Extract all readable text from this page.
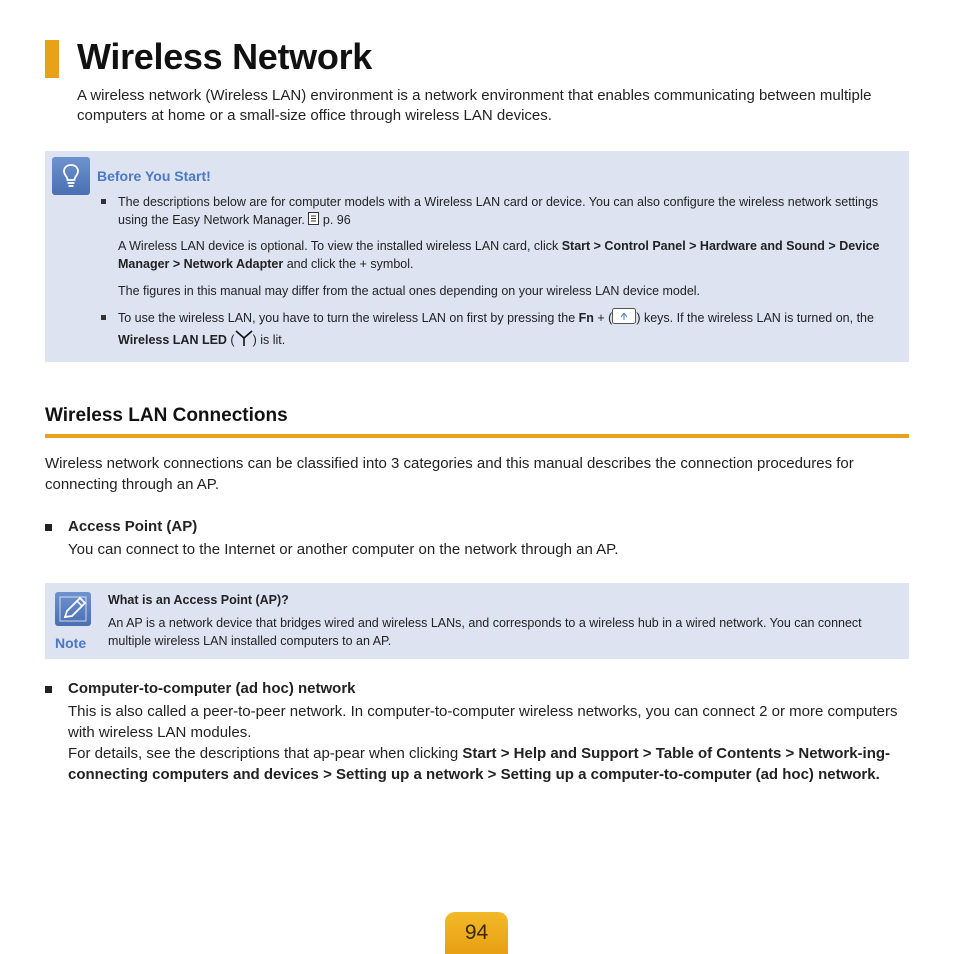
Wireless Network

A wireless network (Wireless LAN) environment is a network environment that enables communicating between multiple computers at home or a small-size office through wireless LAN devices.

Before You Start!

The descriptions below are for computer models with a Wireless LAN card or device. You can also configure the wireless network settings using the Easy Network Manager. p. 96

A Wireless LAN device is optional. To view the installed wireless LAN card, click Start > Control Panel > Hardware and Sound > Device Manager > Network Adapter and click the + symbol.

The figures in this manual may differ from the actual ones depending on your wireless LAN device model.

To use the wireless LAN, you have to turn the wireless LAN on first by pressing the Fn + ( ) keys. If the wireless LAN is turned on, the Wireless LAN LED ( ) is lit.

Wireless LAN Connections

Wireless network connections can be classified into 3 categories and this manual describes the connection procedures for connecting through an AP.

Access Point (AP)

You can connect to the Internet or another computer on the network through an AP.

Note

What is an Access Point (AP)?

An AP is a network device that bridges wired and wireless LANs, and corresponds to a wireless hub in a wired network. You can connect multiple wireless LAN installed computers to an AP.

Computer-to-computer (ad hoc) network

This is also called a peer-to-peer network. In computer-to-computer wireless networks, you can connect 2 or more computers with wireless LAN modules.

For details, see the descriptions that ap-pear when clicking Start > Help and Support > Table of Contents > Network-ing-connecting computers and devices > Setting up a network > Setting up a computer-to-computer (ad hoc) network.

94
